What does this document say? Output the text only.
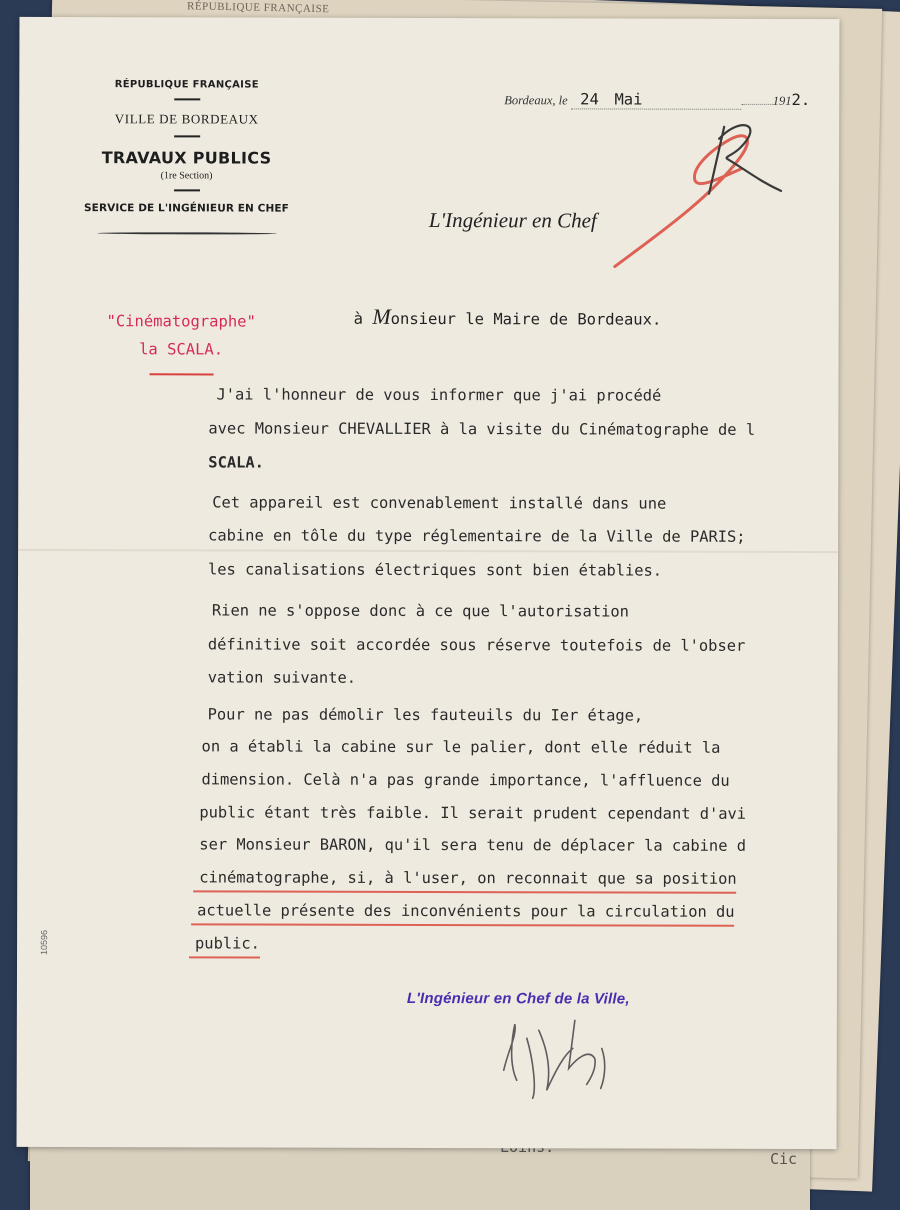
RÉPUBLIQUE FRANÇAISE
Cic
RÉPUBLIQUE FRANÇAISE
VILLE DE BORDEAUX
TRAVAUX PUBLICS
(1re Section)
SERVICE DE L'INGÉNIEUR EN CHEF
"Cinématographe"
la SCALA.
Bordeaux, le 24 Mai	1912.
L'Ingénieur en Chef
à Monsieur le Maire de Bordeaux.
J'ai l'honneur de vous informer que j'ai procédé
avec Monsieur CHEVALLIER à la visite du Cinématographe de l
SCALA.
Cet appareil est convenablement installé dans une
cabine en tôle du type réglementaire de la Ville de PARIS;
les canalisations électriques sont bien établies.
Rien ne s'oppose donc à ce que l'autorisation
définitive soit accordée sous réserve toutefois de l'obser
vation suivante.
Pour ne pas démolir les fauteuils du Ier étage,
on a établi la cabine sur le palier, dont elle réduit la
dimension. Celà n'a pas grande importance, l'affluence du
public étant très faible. Il serait prudent cependant d'avi
ser Monsieur BARON, qu'il sera tenu de déplacer la cabine d
cinématographe, si, à l'user, on reconnait que sa position
actuelle présente des inconvénients pour la circulation du
public.
L'Ingénieur en Chef de la Ville,
10596
